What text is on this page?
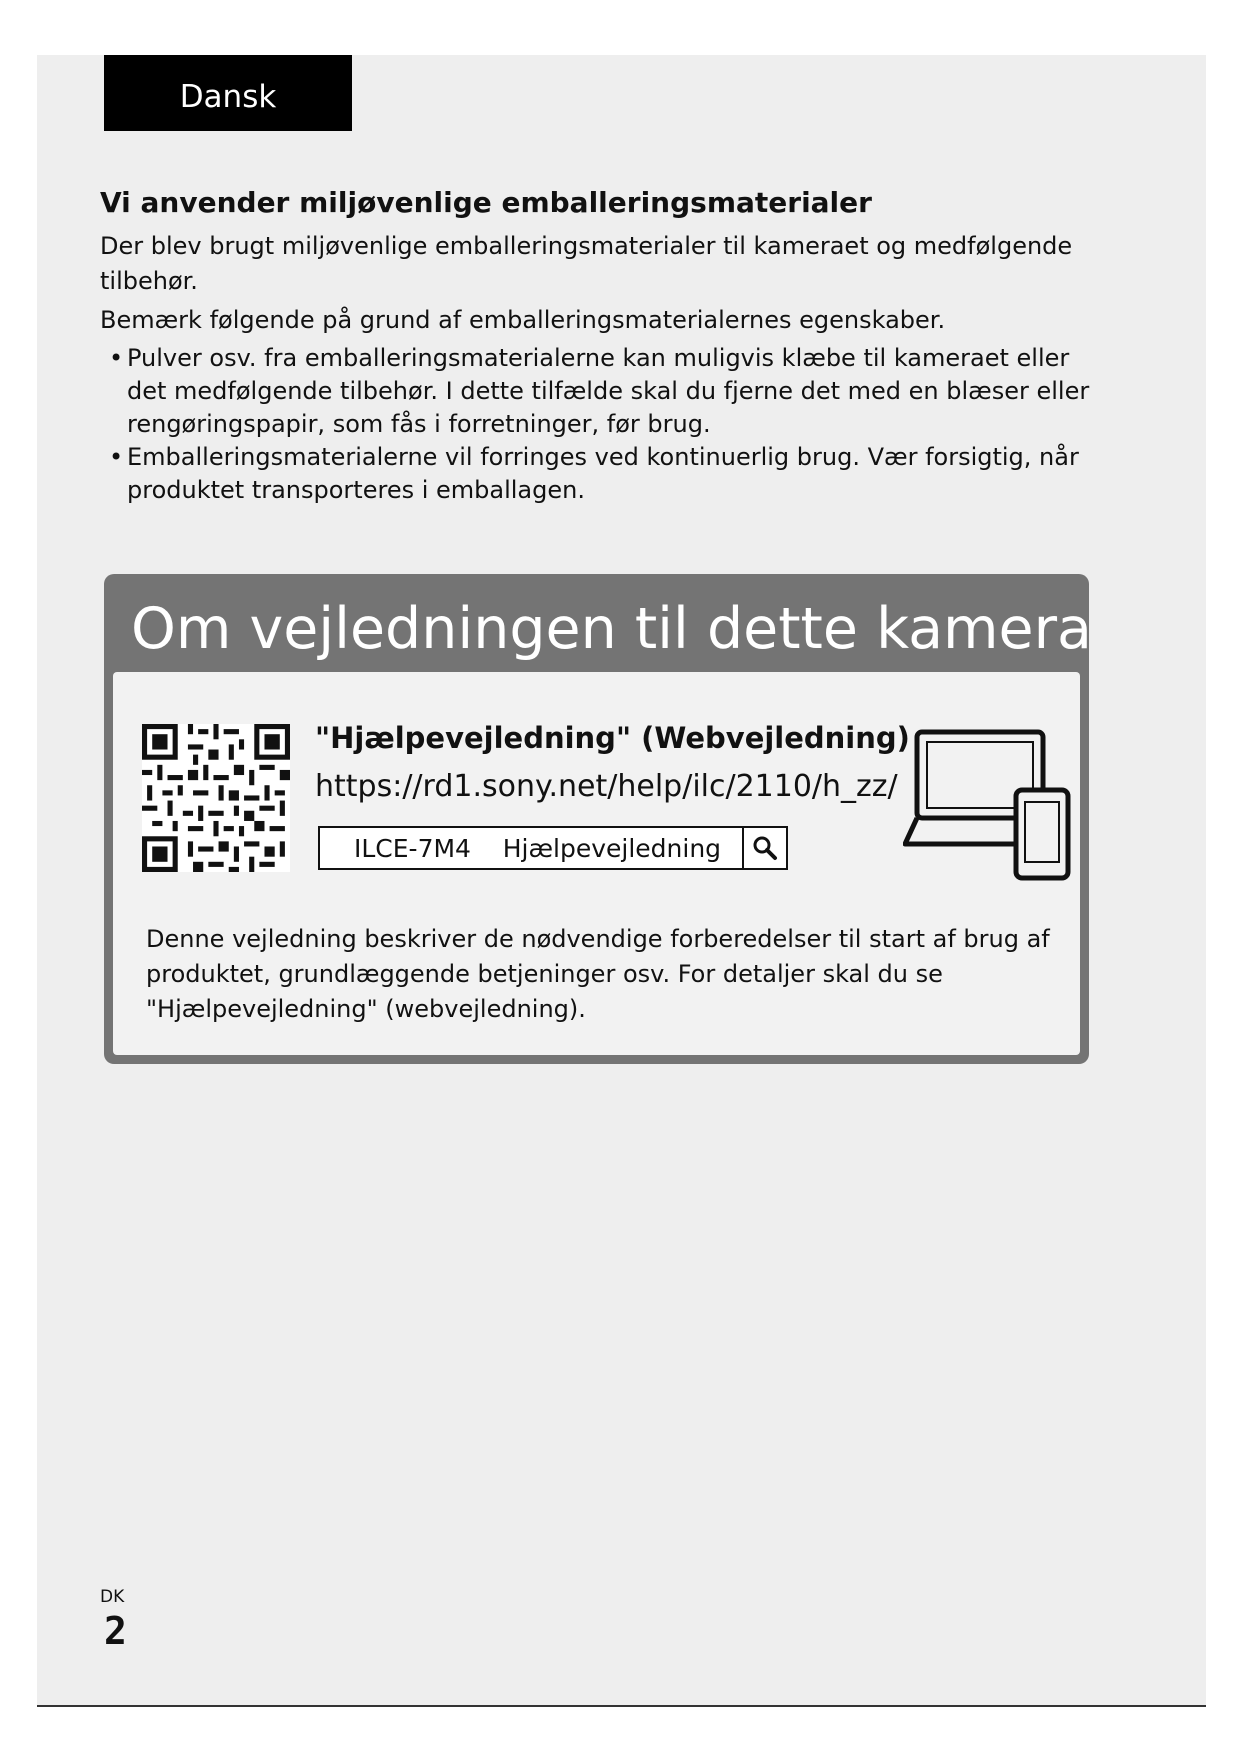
Dansk
Vi anvender miljøvenlige emballeringsmaterialer

Der blev brugt miljøvenlige emballeringsmaterialer til kameraet og medfølgende tilbehør.

Bemærk følgende på grund af emballeringsmaterialernes egenskaber.

• Pulver osv. fra emballeringsmaterialerne kan muligvis klæbe til kameraet eller det medfølgende tilbehør. I dette tilfælde skal du fjerne det med en blæser eller rengøringspapir, som fås i forretninger, før brug.
• Emballeringsmaterialerne vil forringes ved kontinuerlig brug. Vær forsigtig, når produktet transporteres i emballagen.
Om vejledningen til dette kamera
"Hjælpevejledning" (Webvejledning)
https://rd1.sony.net/help/ilc/2110/h_zz/
ILCE-7M4    Hjælpevejledning

Denne vejledning beskriver de nødvendige forberedelser til start af brug af produktet, grundlæggende betjeninger osv. For detaljer skal du se "Hjælpevejledning" (webvejledning).

DK
2
